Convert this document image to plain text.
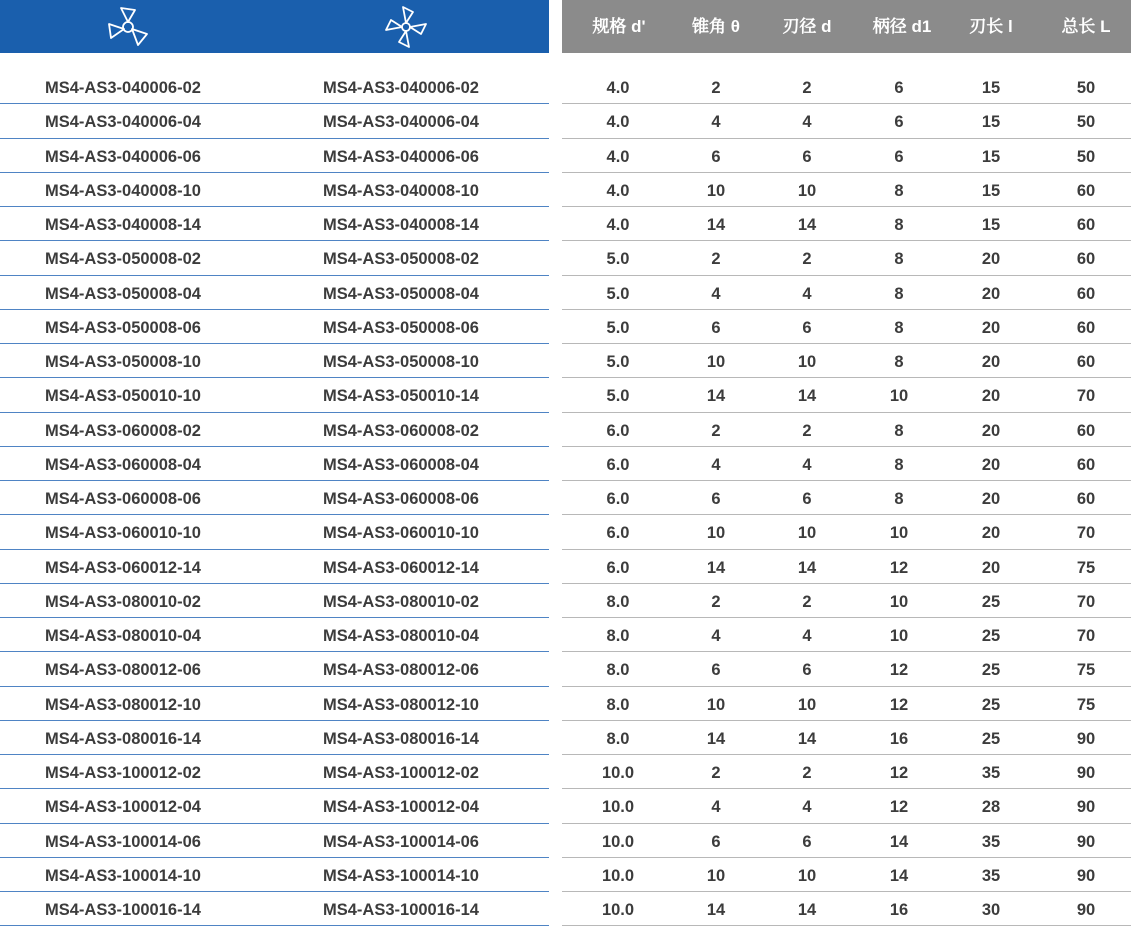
规格 d'	锥角 θ	刃径 d	柄径 d1	刃长 l	总长 L
MS4-AS3-040006-02	MS4-AS3-040006-02	4.0	2	2	6	15	50
MS4-AS3-040006-04	MS4-AS3-040006-04	4.0	4	4	6	15	50
MS4-AS3-040006-06	MS4-AS3-040006-06	4.0	6	6	6	15	50
MS4-AS3-040008-10	MS4-AS3-040008-10	4.0	10	10	8	15	60
MS4-AS3-040008-14	MS4-AS3-040008-14	4.0	14	14	8	15	60
MS4-AS3-050008-02	MS4-AS3-050008-02	5.0	2	2	8	20	60
MS4-AS3-050008-04	MS4-AS3-050008-04	5.0	4	4	8	20	60
MS4-AS3-050008-06	MS4-AS3-050008-06	5.0	6	6	8	20	60
MS4-AS3-050008-10	MS4-AS3-050008-10	5.0	10	10	8	20	60
MS4-AS3-050010-10	MS4-AS3-050010-14	5.0	14	14	10	20	70
MS4-AS3-060008-02	MS4-AS3-060008-02	6.0	2	2	8	20	60
MS4-AS3-060008-04	MS4-AS3-060008-04	6.0	4	4	8	20	60
MS4-AS3-060008-06	MS4-AS3-060008-06	6.0	6	6	8	20	60
MS4-AS3-060010-10	MS4-AS3-060010-10	6.0	10	10	10	20	70
MS4-AS3-060012-14	MS4-AS3-060012-14	6.0	14	14	12	20	75
MS4-AS3-080010-02	MS4-AS3-080010-02	8.0	2	2	10	25	70
MS4-AS3-080010-04	MS4-AS3-080010-04	8.0	4	4	10	25	70
MS4-AS3-080012-06	MS4-AS3-080012-06	8.0	6	6	12	25	75
MS4-AS3-080012-10	MS4-AS3-080012-10	8.0	10	10	12	25	75
MS4-AS3-080016-14	MS4-AS3-080016-14	8.0	14	14	16	25	90
MS4-AS3-100012-02	MS4-AS3-100012-02	10.0	2	2	12	35	90
MS4-AS3-100012-04	MS4-AS3-100012-04	10.0	4	4	12	28	90
MS4-AS3-100014-06	MS4-AS3-100014-06	10.0	6	6	14	35	90
MS4-AS3-100014-10	MS4-AS3-100014-10	10.0	10	10	14	35	90
MS4-AS3-100016-14	MS4-AS3-100016-14	10.0	14	14	16	30	90
